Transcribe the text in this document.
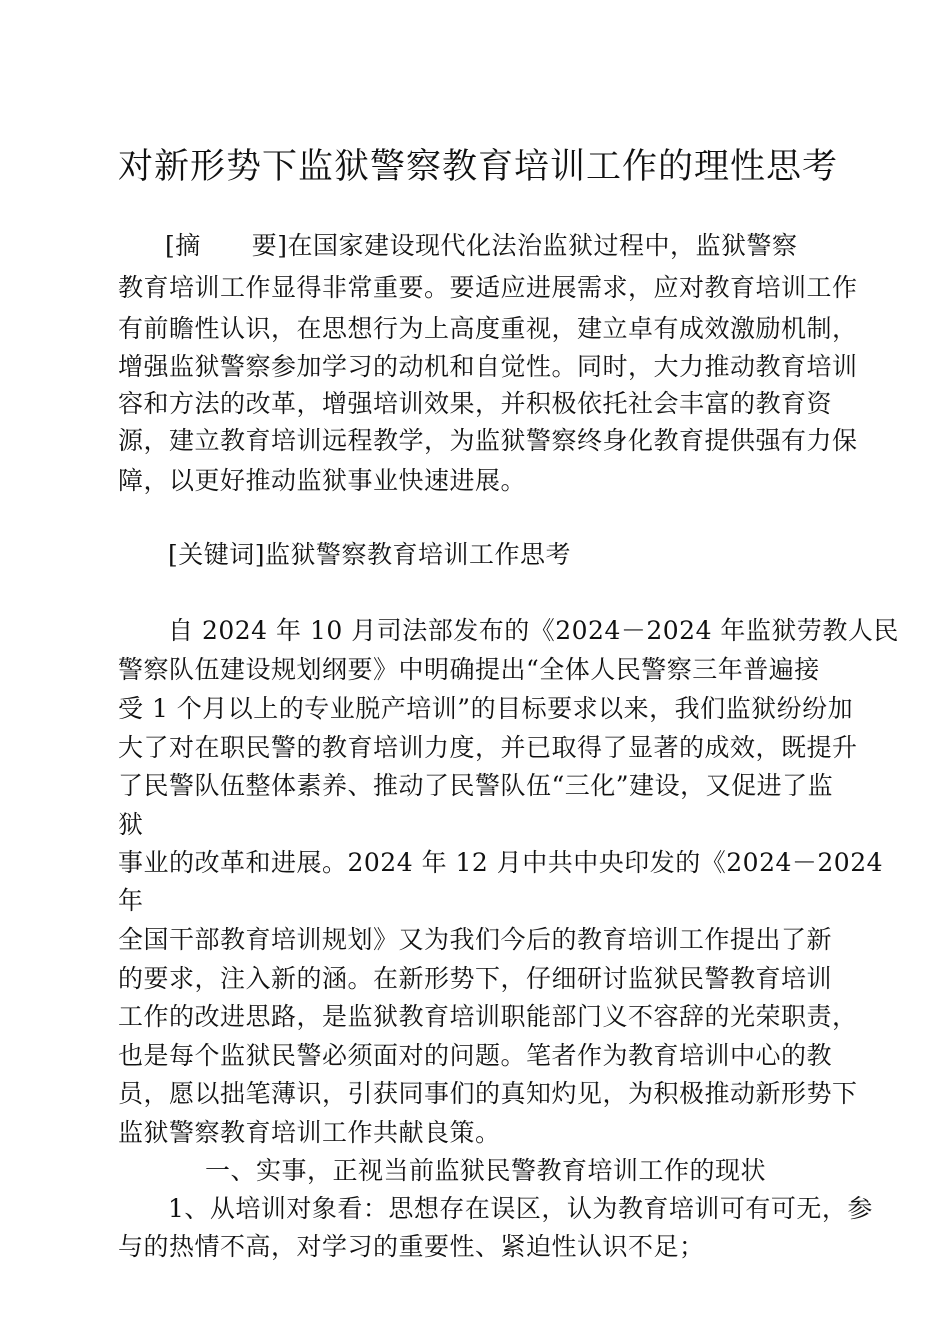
对新形势下监狱警察教育培训工作的理性思考
[摘　　要]在国家建设现代化法治监狱过程中，监狱警察
教育培训工作显得非常重要。要适应进展需求，应对教育培训工作
有前瞻性认识，在思想行为上高度重视，建立卓有成效激励机制，
增强监狱警察参加学习的动机和自觉性。同时，大力推动教育培训
容和方法的改革，增强培训效果，并积极依托社会丰富的教育资
源，建立教育培训远程教学，为监狱警察终身化教育提供强有力保
障，以更好推动监狱事业快速进展。
[关键词]监狱警察教育培训工作思考
自 2024 年 10 月司法部发布的《2024－2024 年监狱劳教人民
警察队伍建设规划纲要》中明确提出“全体人民警察三年普遍接
受 1 个月以上的专业脱产培训”的目标要求以来，我们监狱纷纷加
大了对在职民警的教育培训力度，并已取得了显著的成效，既提升
了民警队伍整体素养、推动了民警队伍“三化”建设，又促进了监
狱
事业的改革和进展。2024 年 12 月中共中央印发的《2024－2024
年
全国干部教育培训规划》又为我们今后的教育培训工作提出了新
的要求，注入新的涵。在新形势下，仔细研讨监狱民警教育培训
工作的改进思路，是监狱教育培训职能部门义不容辞的光荣职责，
也是每个监狱民警必须面对的问题。笔者作为教育培训中心的教
员，愿以拙笔薄识，引获同事们的真知灼见，为积极推动新形势下
监狱警察教育培训工作共献良策。
一、实事，正视当前监狱民警教育培训工作的现状
1、从培训对象看：思想存在误区，认为教育培训可有可无，参
与的热情不高，对学习的重要性、紧迫性认识不足；
